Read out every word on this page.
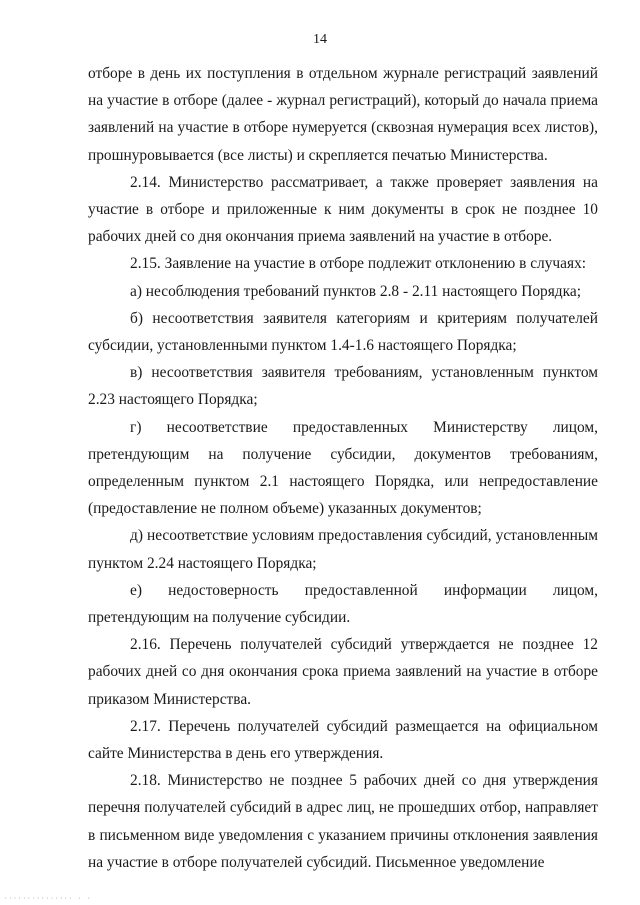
14

отборе в день их поступления в отдельном журнале регистраций заявлений на участие в отборе (далее - журнал регистраций), который до начала приема заявлений на участие в отборе нумеруется (сквозная нумерация всех листов), прошнуровывается (все листы) и скрепляется печатью Министерства.

2.14. Министерство рассматривает, а также проверяет заявления на участие в отборе и приложенные к ним документы в срок не позднее 10 рабочих дней со дня окончания приема заявлений на участие в отборе.

2.15. Заявление на участие в отборе подлежит отклонению в случаях:

а) несоблюдения требований пунктов 2.8 - 2.11 настоящего Порядка;

б) несоответствия заявителя категориям и критериям получателей субсидии, установленными пунктом 1.4-1.6 настоящего Порядка;

в) несоответствия заявителя требованиям, установленным пунктом 2.23 настоящего Порядка;

г) несоответствие предоставленных Министерству лицом, претендующим на получение субсидии, документов требованиям, определенным пунктом 2.1 настоящего Порядка, или непредоставление (предоставление не полном объеме) указанных документов;

д) несоответствие условиям предоставления субсидий, установленным пунктом 2.24 настоящего Порядка;

е) недостоверность предоставленной информации лицом, претендующим на получение субсидии.

2.16. Перечень получателей субсидий утверждается не позднее 12 рабочих дней со дня окончания срока приема заявлений на участие в отборе приказом Министерства.

2.17. Перечень получателей субсидий размещается на официальном сайте Министерства в день его утверждения.

2.18. Министерство не позднее 5 рабочих дней со дня утверждения перечня получателей субсидий в адрес лиц, не прошедших отбор, направляет в письменном виде уведомления с указанием причины отклонения заявления на участие в отборе получателей субсидий. Письменное уведомление

··············· · ·
